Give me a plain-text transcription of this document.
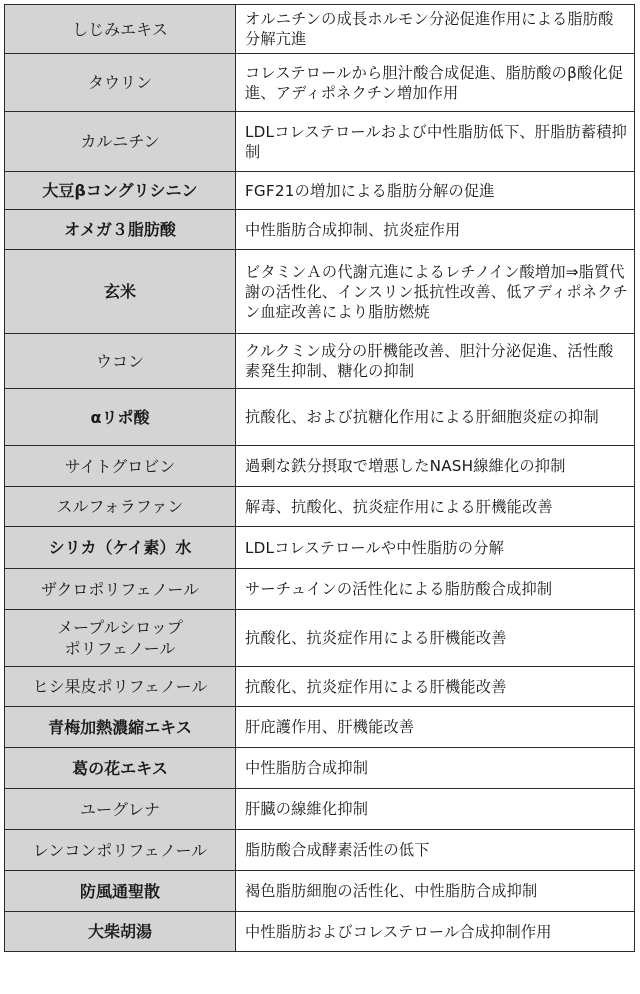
しじみエキス	オルニチンの成長ホルモン分泌促進作用による脂肪酸分解亢進
タウリン	コレステロールから胆汁酸合成促進、脂肪酸のβ酸化促進、アディポネクチン増加作用
カルニチン	LDLコレステロールおよび中性脂肪低下、肝脂肪蓄積抑制
大豆βコングリシニン	FGF21の増加による脂肪分解の促進
オメガ３脂肪酸	中性脂肪合成抑制、抗炎症作用
玄米	ビタミンＡの代謝亢進によるレチノイン酸増加⇒脂質代謝の活性化、インスリン抵抗性改善、低アディポネクチン血症改善により脂肪燃焼
ウコン	クルクミン成分の肝機能改善、胆汁分泌促進、活性酸素発生抑制、糖化の抑制
αリポ酸	抗酸化、および抗糖化作用による肝細胞炎症の抑制
サイトグロビン	過剰な鉄分摂取で増悪したNASH線維化の抑制
スルフォラファン	解毒、抗酸化、抗炎症作用による肝機能改善
シリカ（ケイ素）水	LDLコレステロールや中性脂肪の分解
ザクロポリフェノール	サーチュインの活性化による脂肪酸合成抑制
メープルシロップ
ポリフェノール	抗酸化、抗炎症作用による肝機能改善
ヒシ果皮ポリフェノール	抗酸化、抗炎症作用による肝機能改善
青梅加熱濃縮エキス	肝庇護作用、肝機能改善
葛の花エキス	中性脂肪合成抑制
ユーグレナ	肝臓の線維化抑制
レンコンポリフェノール	脂肪酸合成酵素活性の低下
防風通聖散	褐色脂肪細胞の活性化、中性脂肪合成抑制
大柴胡湯	中性脂肪およびコレステロール合成抑制作用
